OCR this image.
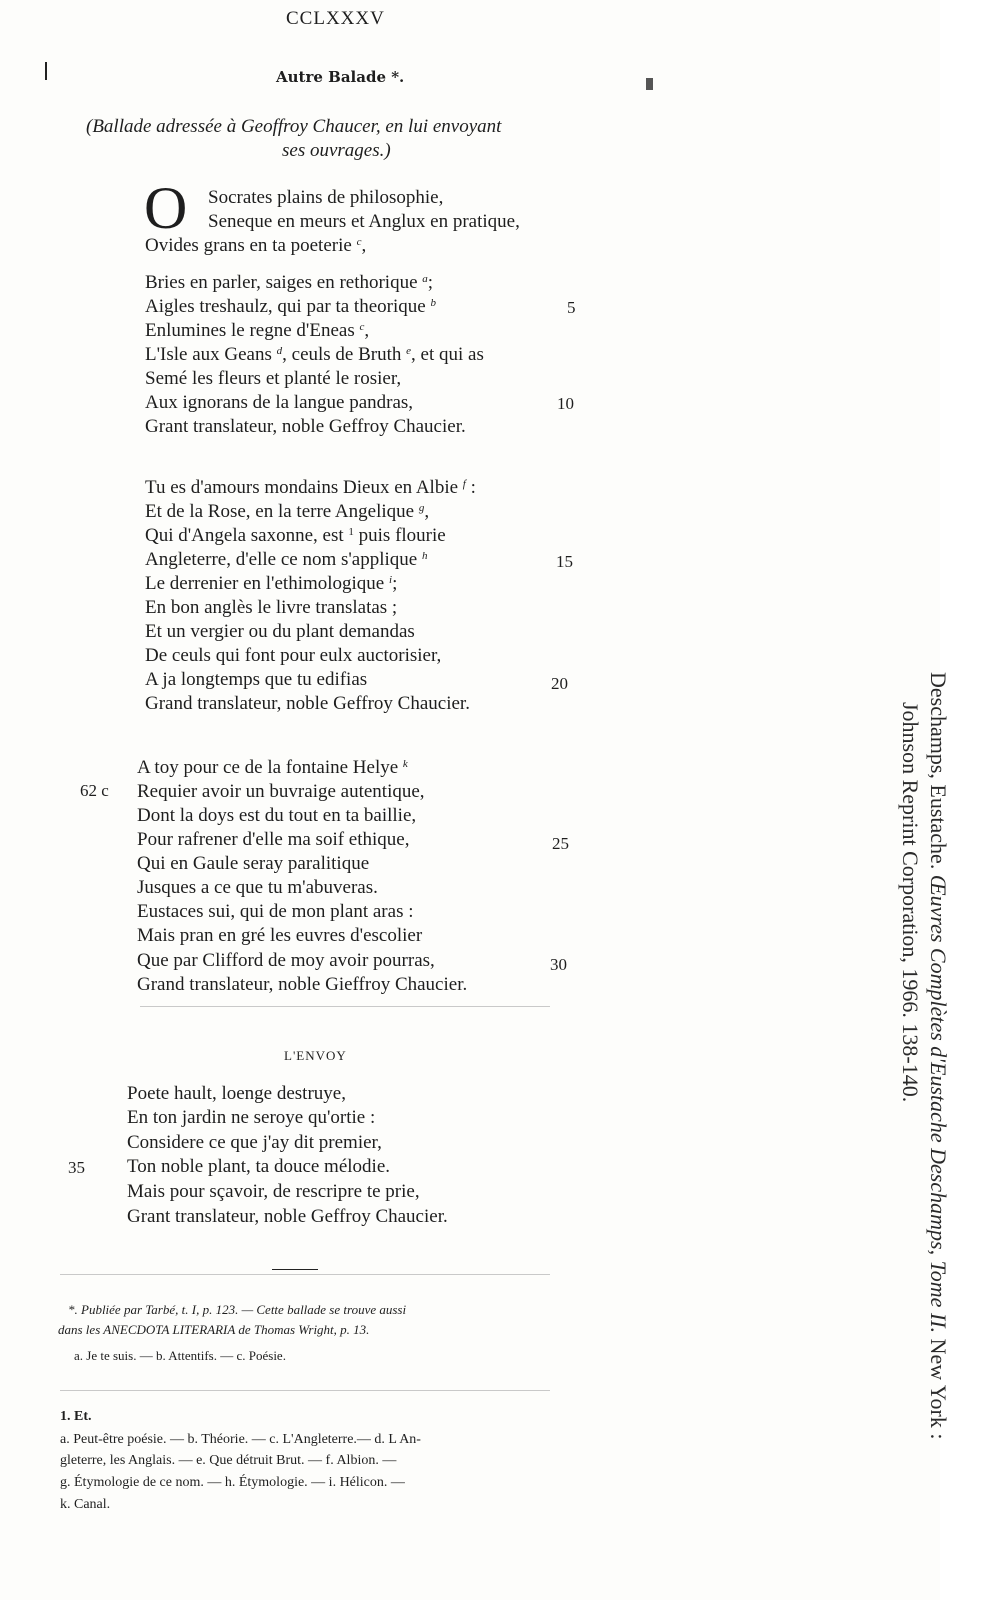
CCLXXXV
Autre Balade *.
(Ballade adressée à Geoffroy Chaucer, en lui envoyant
ses ouvrages.)
O Socrates plains de philosophie,
Seneque en meurs et Anglux en pratique,
Ovides grans en ta poeterie $^c$,
Bries en parler, saiges en rethorique $^a$;
Aigles treshaulz, qui par ta theorique $^b$
Enlumines le regne d'Eneas $^c$,
L'Isle aux Geans $^d$, ceuls de Bruth $^e$, et qui as
Semé les fleurs et planté le rosier,
Aux ignorans de la langue pandras,
Grant translateur, noble Geffroy Chaucier.
5
10
Tu es d'amours mondains Dieux en Albie $^f$ :
Et de la Rose, en la terre Angelique $^g$,
Qui d'Angela saxonne, est $^1$ puis flourie
Angleterre, d'elle ce nom s'applique $^h$
Le derrenier en l'ethimologique $^i$;
En bon anglès le livre translatas ;
Et un vergier ou du plant demandas
De ceuls qui font pour eulx auctorisier,
A ja longtemps que tu edifias
Grand translateur, noble Geffroy Chaucier.
15
20
A toy pour ce de la fontaine Helye $^k$
62 c Requier avoir un buvraige autentique,
Dont la doys est du tout en ta baillie,
Pour rafrener d'elle ma soif ethique,
Qui en Gaule seray paralitique
Jusques a ce que tu m'abuveras.
Eustaces sui, qui de mon plant aras :
Mais pran en gré les euvres d'escolier
Que par Clifford de moy avoir pourras,
Grand translateur, noble Gieffroy Chaucier.
25
30
L'ENVOY
Poete hault, loenge destruye,
En ton jardin ne seroye qu'ortie :
Considere ce que j'ay dit premier,
Ton noble plant, ta douce mélodie.
Mais pour sçavoir, de rescripre te prie,
Grant translateur, noble Geffroy Chaucier.
35
*. Publiée par Tarbé, t. I, p. 123. — Cette ballade se trouve aussi
dans les ANECDOTA LITERARIA de Thomas Wright, p. 13.
a. Je te suis. — b. Attentifs. — c. Poésie.
1. Et.
a. Peut-être poésie. — b. Théorie. — c. L'Angleterre.— d. L An-
gleterre, les Anglais. — e. Que détruit Brut. — f. Albion. —
g. Étymologie de ce nom. — h. Étymologie. — i. Hélicon. —
k. Canal.
Deschamps, Eustache. Œuvres Complètes d'Eustache Deschamps, Tome II. New York :
Johnson Reprint Corporation, 1966. 138-140.
